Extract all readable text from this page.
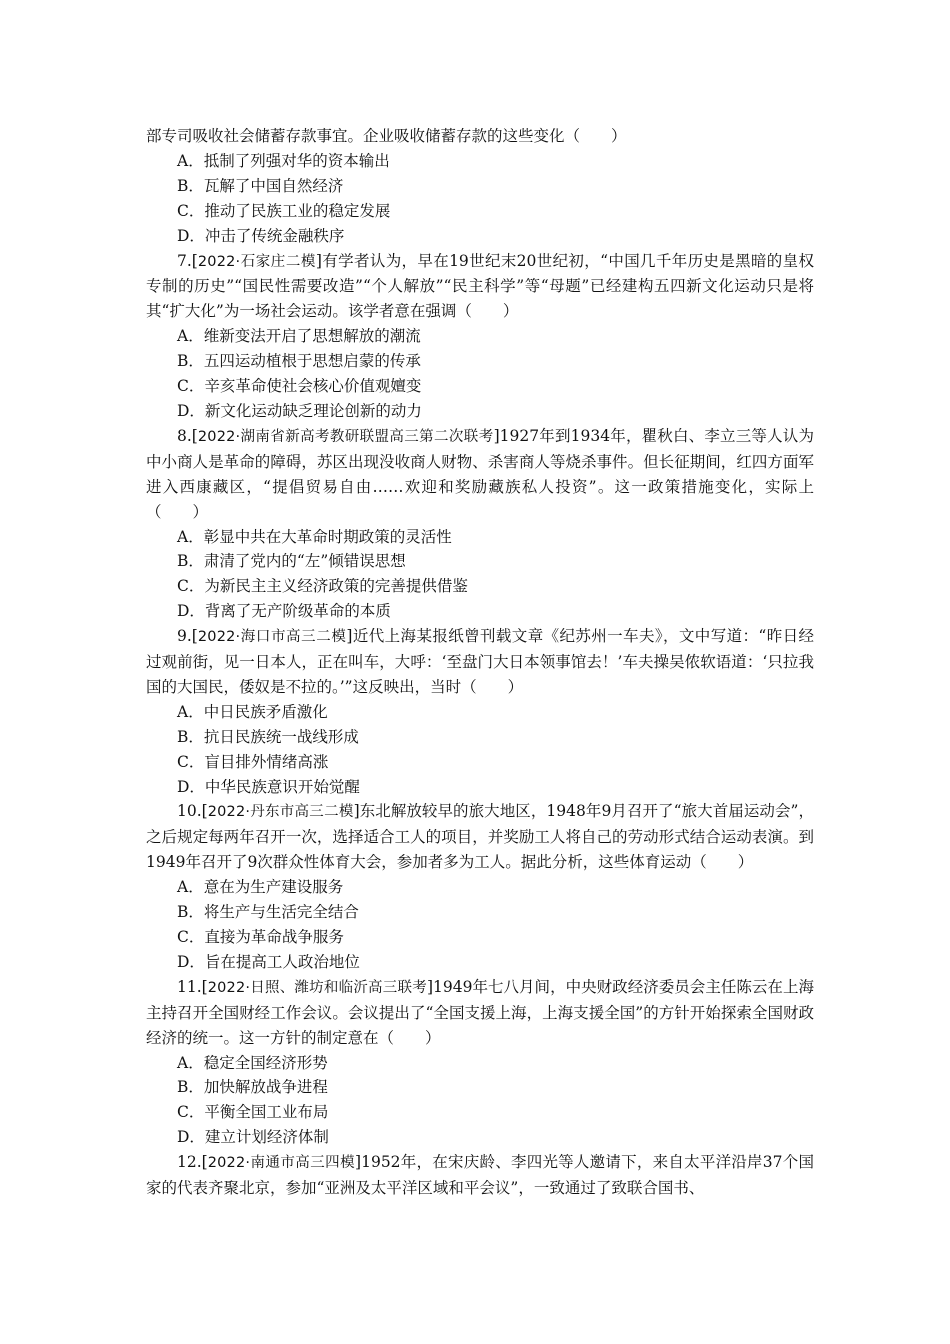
部专司吸收社会储蓄存款事宜。企业吸收储蓄存款的这些变化（　　）

A．抵制了列强对华的资本输出

B．瓦解了中国自然经济

C．推动了民族工业的稳定发展

D．冲击了传统金融秩序

7.[2022·石家庄二模]有学者认为，早在19世纪末20世纪初，“中国几千年历史是黑暗的皇权专制的历史”“国民性需要改造”“个人解放”“民主科学”等“母题”已经建构五四新文化运动只是将其“扩大化”为一场社会运动。该学者意在强调（　　）

A．维新变法开启了思想解放的潮流

B．五四运动植根于思想启蒙的传承

C．辛亥革命使社会核心价值观嬗变

D．新文化运动缺乏理论创新的动力

8.[2022·湖南省新高考教研联盟高三第二次联考]1927年到1934年，瞿秋白、李立三等人认为中小商人是革命的障碍，苏区出现没收商人财物、杀害商人等烧杀事件。但长征期间，红四方面军进入西康藏区，“提倡贸易自由……欢迎和奖励藏族私人投资”。这一政策措施变化，实际上（　　）

A．彰显中共在大革命时期政策的灵活性

B．肃清了党内的“左”倾错误思想

C．为新民主主义经济政策的完善提供借鉴

D．背离了无产阶级革命的本质

9.[2022·海口市高三二模]近代上海某报纸曾刊载文章《纪苏州一车夫》，文中写道：“昨日经过观前街，见一日本人，正在叫车，大呼：‘至盘门大日本领事馆去！’车夫操吴侬软语道：‘只拉我国的大国民，倭奴是不拉的。’”这反映出，当时（　　）

A．中日民族矛盾激化

B．抗日民族统一战线形成

C．盲目排外情绪高涨

D．中华民族意识开始觉醒

10.[2022·丹东市高三二模]东北解放较早的旅大地区，1948年9月召开了“旅大首届运动会”，之后规定每两年召开一次，选择适合工人的项目，并奖励工人将自己的劳动形式结合运动表演。到1949年召开了9次群众性体育大会，参加者多为工人。据此分析，这些体育运动（　　）

A．意在为生产建设服务

B．将生产与生活完全结合

C．直接为革命战争服务

D．旨在提高工人政治地位

11.[2022·日照、潍坊和临沂高三联考]1949年七八月间，中央财政经济委员会主任陈云在上海主持召开全国财经工作会议。会议提出了“全国支援上海，上海支援全国”的方针开始探索全国财政经济的统一。这一方针的制定意在（　　）

A．稳定全国经济形势

B．加快解放战争进程

C．平衡全国工业布局

D．建立计划经济体制

12.[2022·南通市高三四模]1952年，在宋庆龄、李四光等人邀请下，来自太平洋沿岸37个国家的代表齐聚北京，参加“亚洲及太平洋区域和平会议”，一致通过了致联合国书、
